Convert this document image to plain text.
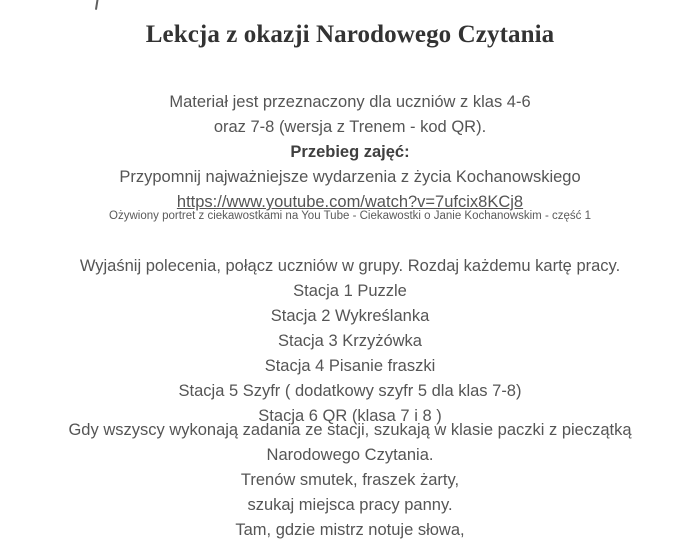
Lekcja z okazji Narodowego Czytania
Materiał jest przeznaczony dla uczniów z klas 4-6
oraz 7-8 (wersja z Trenem - kod QR).
Przebieg zajęć:
Przypomnij najważniejsze wydarzenia z życia Kochanowskiego
https://www.youtube.com/watch?v=7ufcix8KCj8
Ożywiony portret z ciekawostkami na You Tube - Ciekawostki o Janie Kochanowskim - część 1
Wyjaśnij polecenia, połącz uczniów w grupy. Rozdaj każdemu kartę pracy.
Stacja 1 Puzzle
Stacja 2 Wykreślanka
Stacja 3 Krzyżówka
Stacja 4 Pisanie fraszki
Stacja 5 Szyfr ( dodatkowy szyfr 5 dla klas 7-8)
Stacja 6 QR (klasa 7 i 8 )
Gdy wszyscy wykonają zadania ze stacji, szukają w klasie paczki z pieczątką
Narodowego Czytania.
Trenów smutek, fraszek żarty,
szukaj miejsca pracy panny.
Tam, gdzie mistrz notuje słowa,
